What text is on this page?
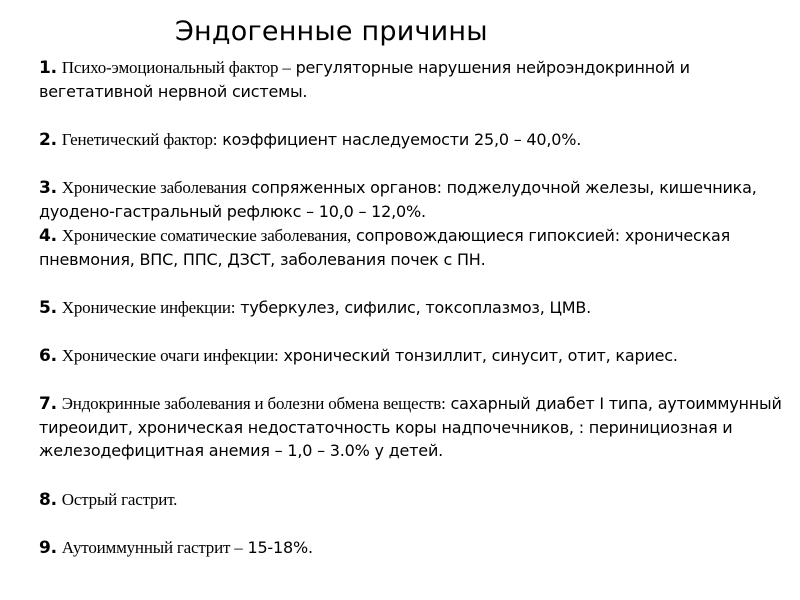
Эндогенные причины
1. Психо-эмоциональный фактор – регуляторные нарушения нейроэндокринной и вегетативной нервной системы.
2. Генетический фактор: коэффициент наследуемости 25,0 – 40,0%.
3. Хронические заболевания сопряженных органов: поджелудочной железы, кишечника, дуодено-гастральный рефлюкс – 10,0 – 12,0%.
4. Хронические соматические заболевания, сопровождающиеся гипоксией: хроническая пневмония, ВПС, ППС, ДЗСТ, заболевания почек с ПН.
5. Хронические инфекции: туберкулез, сифилис, токсоплазмоз, ЦМВ.
6. Хронические очаги инфекции: хронический тонзиллит, синусит, отит, кариес.
7. Эндокринные заболевания и болезни обмена веществ: сахарный диабет I типа, аутоиммунный тиреоидит, хроническая недостаточность коры надпочечников, : перинициозная и железодефицитная анемия – 1,0 – 3.0% у детей.
8. Острый гастрит.
9. Аутоиммунный гастрит – 15-18%.
